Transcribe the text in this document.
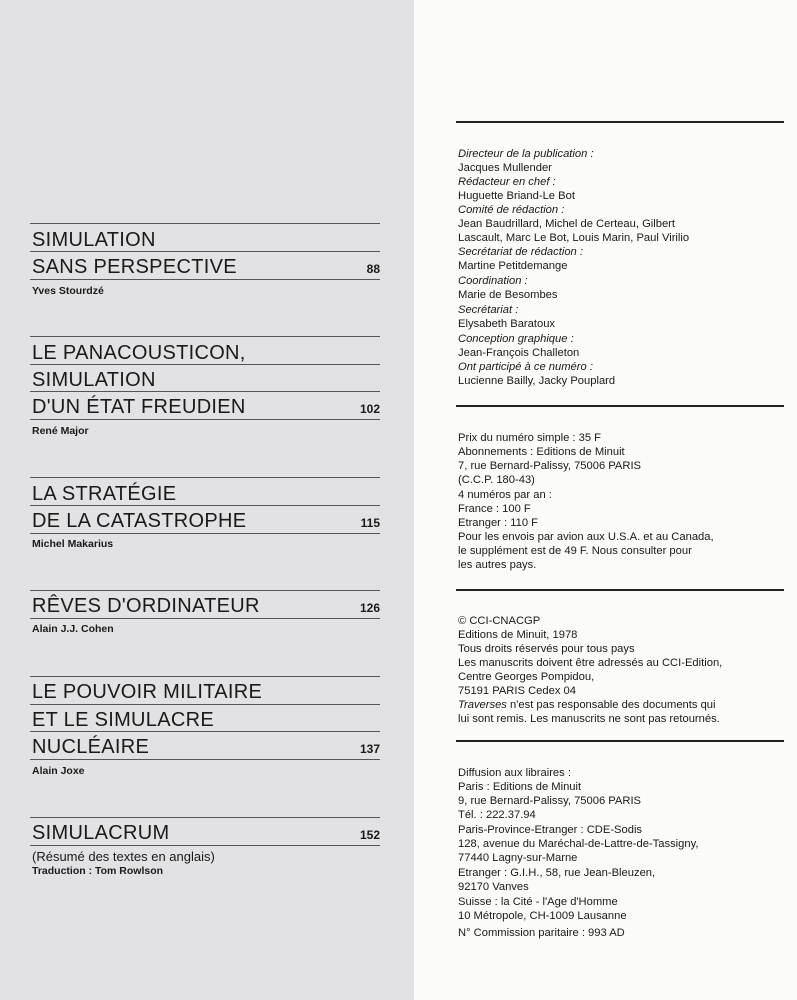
SIMULATION
SANS PERSPECTIVE	88
Yves Stourdzé
LE PANACOUSTICON,
SIMULATION
D'UN ÉTAT FREUDIEN	102
René Major
LA STRATÉGIE
DE LA CATASTROPHE	115
Michel Makarius
RÊVES D'ORDINATEUR	126
Alain J.J. Cohen
LE POUVOIR MILITAIRE
ET LE SIMULACRE
NUCLÉAIRE	137
Alain Joxe
SIMULACRUM	152
(Résumé des textes en anglais)
Traduction : Tom Rowlson
Directeur de la publication :
Jacques Mullender
Rédacteur en chef :
Huguette Briand-Le Bot
Comité de rédaction :
Jean Baudrillard, Michel de Certeau, Gilbert
Lascault, Marc Le Bot, Louis Marin, Paul Virilio
Secrétariat de rédaction :
Martine Petitdemange
Coordination :
Marie de Besombes
Secrétariat :
Elysabeth Baratoux
Conception graphique :
Jean-François Challeton
Ont participé à ce numéro :
Lucienne Bailly, Jacky Pouplard
Prix du numéro simple : 35 F
Abonnements : Editions de Minuit
7, rue Bernard-Palissy, 75006 PARIS
(C.C.P. 180-43)
4 numéros par an :
France : 100 F
Etranger : 110 F
Pour les envois par avion aux U.S.A. et au Canada,
le supplément est de 49 F. Nous consulter pour
les autres pays.
© CCI-CNACGP
Editions de Minuit, 1978
Tous droits réservés pour tous pays
Les manuscrits doivent être adressés au CCI-Edition,
Centre Georges Pompidou,
75191 PARIS Cedex 04
Traverses n'est pas responsable des documents qui
lui sont remis. Les manuscrits ne sont pas retournés.
Diffusion aux libraires :
Paris : Editions de Minuit
9, rue Bernard-Palissy, 75006 PARIS
Tél. : 222.37.94
Paris-Province-Etranger : CDE-Sodis
128, avenue du Maréchal-de-Lattre-de-Tassigny,
77440 Lagny-sur-Marne
Etranger : G.I.H., 58, rue Jean-Bleuzen,
92170 Vanves
Suisse : la Cité - l'Age d'Homme
10 Métropole, CH-1009 Lausanne
N° Commission paritaire : 993 AD
